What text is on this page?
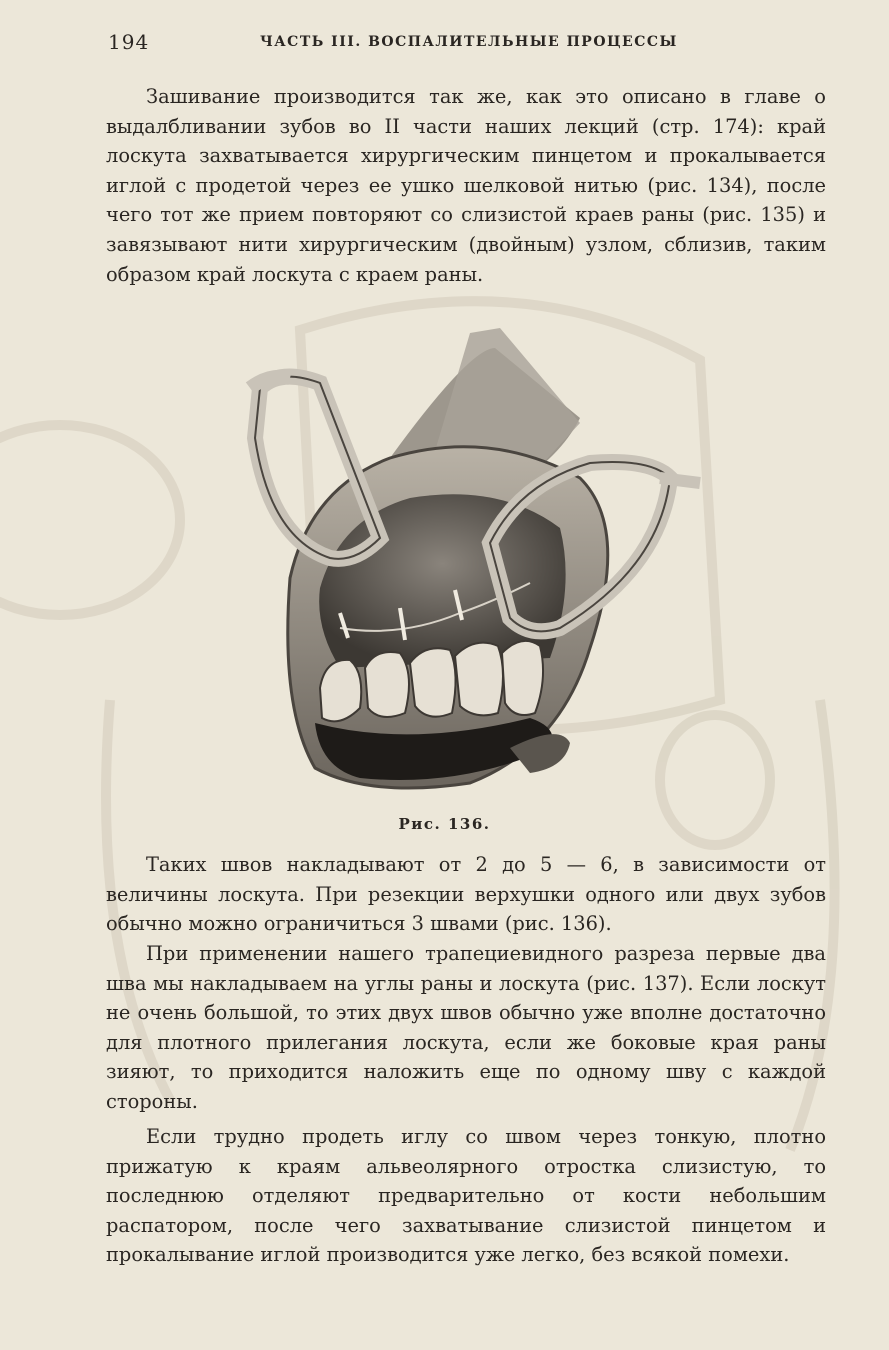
194	ЧАСТЬ III. ВОСПАЛИТЕЛЬНЫЕ ПРОЦЕССЫ

Зашивание производится так же, как это описано в главе о выдалбливании зубов во II части наших лекций (стр. 174): край лоскута захватывается хирургическим пинцетом и прокалывается иглой с продетой через ее ушко шелковой нитью (рис. 134), после чего тот же прием повторяют со слизистой краев раны (рис. 135) и завязывают нити хирургическим (двойным) узлом, сблизив, таким образом край лоскута с краем раны.

Рис. 136.

Таких швов накладывают от 2 до 5 — 6, в зависимости от величины лоскута. При резекции верхушки одного или двух зубов обычно можно ограничиться 3 швами (рис. 136).

При применении нашего трапециевидного разреза первые два шва мы накладываем на углы раны и лоскута (рис. 137). Если лоскут не очень большой, то этих двух швов обычно уже вполне достаточно для плотного прилегания лоскута, если же боковые края раны зияют, то приходится наложить еще по одному шву с каждой стороны.

Если трудно продеть иглу со швом через тонкую, плотно прижатую к краям альвеолярного отростка слизистую, то последнюю отделяют предварительно от кости небольшим распатором, после чего захватывание слизистой пинцетом и прокалывание иглой производится уже легко, без всякой помехи.
